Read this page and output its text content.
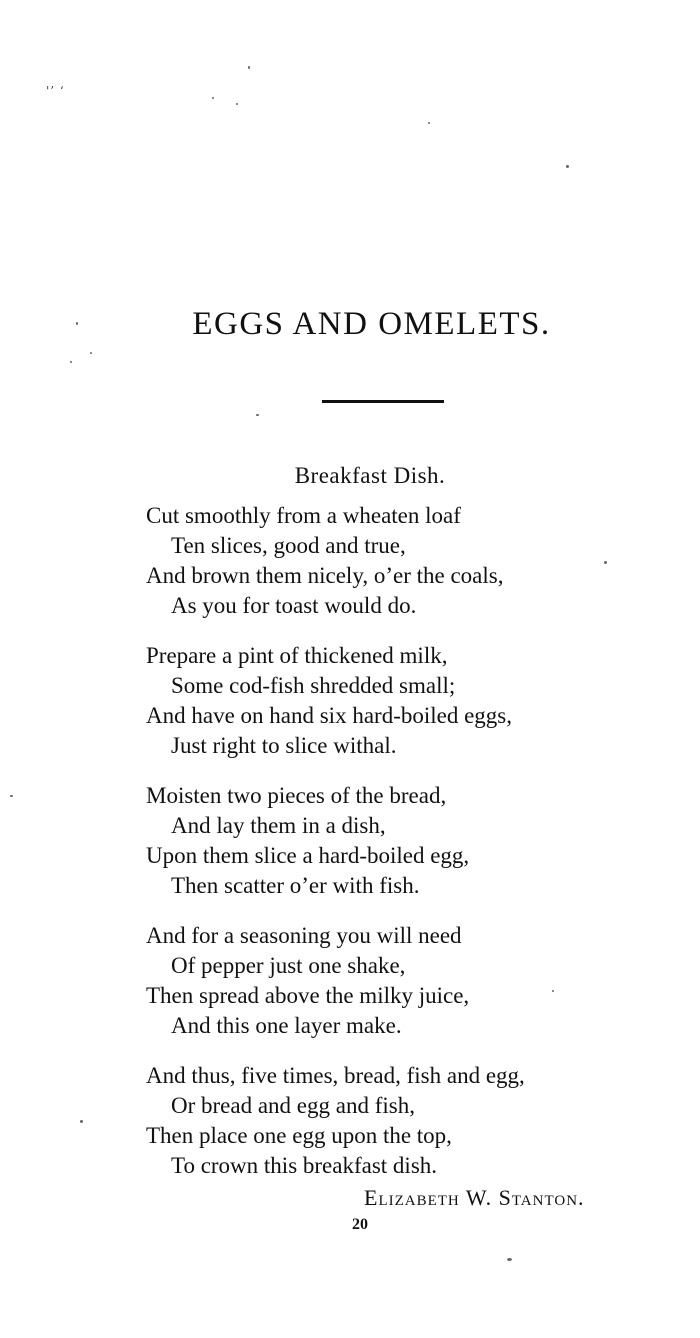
'’ ʻ
EGGS AND OMELETS.
Breakfast Dish.
Cut smoothly from a wheaten loaf
Ten slices, good and true,
And brown them nicely, o’er the coals,
As you for toast would do.
Prepare a pint of thickened milk,
Some cod-fish shredded small;
And have on hand six hard-boiled eggs,
Just right to slice withal.
Moisten two pieces of the bread,
And lay them in a dish,
Upon them slice a hard-boiled egg,
Then scatter o’er with fish.
And for a seasoning you will need
Of pepper just one shake,
Then spread above the milky juice,
And this one layer make.
And thus, five times, bread, fish and egg,
Or bread and egg and fish,
Then place one egg upon the top,
To crown this breakfast dish.
Elizabeth W. Stanton.
20
